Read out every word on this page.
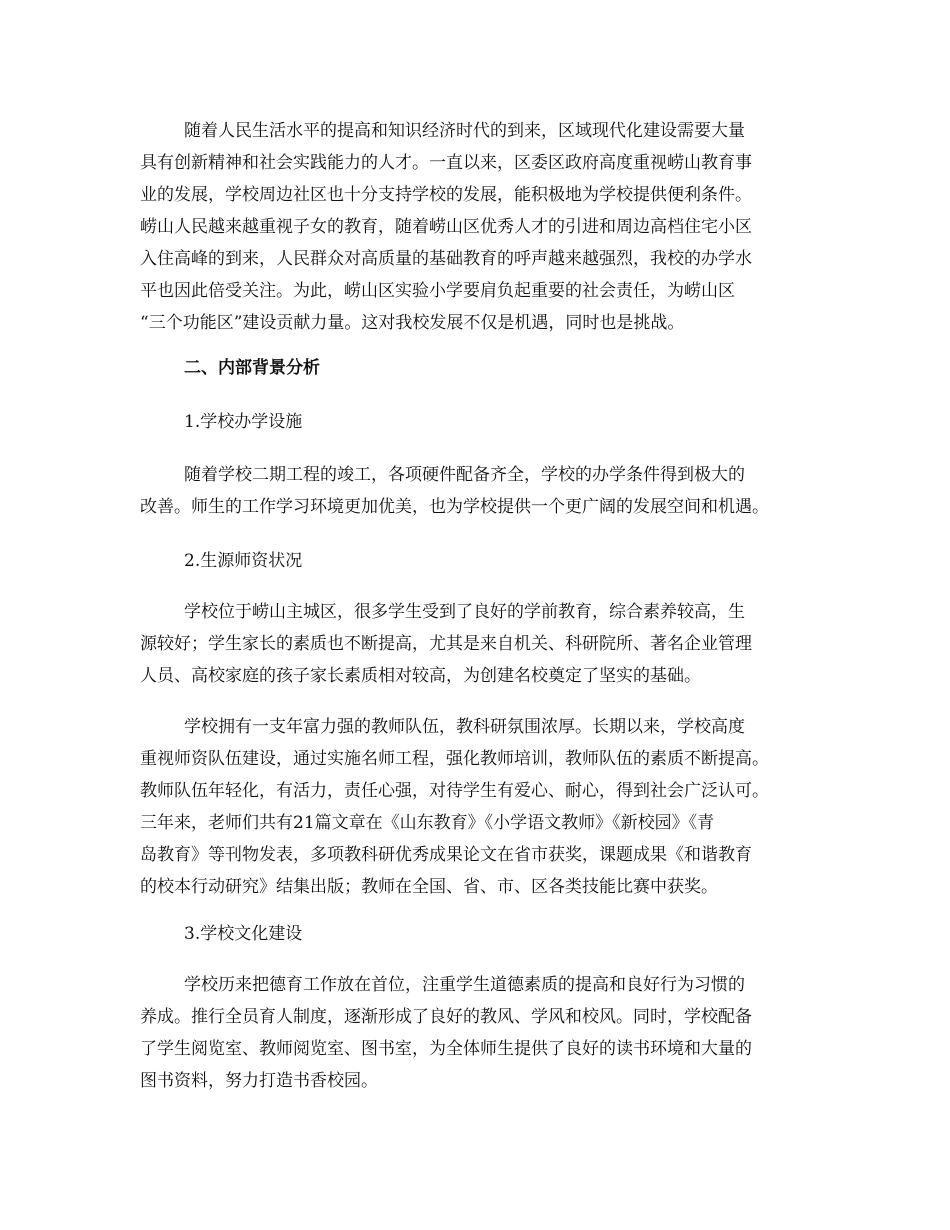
随着人民生活水平的提高和知识经济时代的到来，区域现代化建设需要大量
具有创新精神和社会实践能力的人才。一直以来，区委区政府高度重视崂山教育事
业的发展，学校周边社区也十分支持学校的发展，能积极地为学校提供便利条件。
崂山人民越来越重视子女的教育，随着崂山区优秀人才的引进和周边高档住宅小区
入住高峰的到来，人民群众对高质量的基础教育的呼声越来越强烈，我校的办学水
平也因此倍受关注。为此，崂山区实验小学要肩负起重要的社会责任，为崂山区
“三个功能区”建设贡献力量。这对我校发展不仅是机遇，同时也是挑战。
二、内部背景分析
1.学校办学设施
随着学校二期工程的竣工，各项硬件配备齐全，学校的办学条件得到极大的
改善。师生的工作学习环境更加优美，也为学校提供一个更广阔的发展空间和机遇。
2.生源师资状况
学校位于崂山主城区，很多学生受到了良好的学前教育，综合素养较高，生
源较好；学生家长的素质也不断提高，尤其是来自机关、科研院所、著名企业管理
人员、高校家庭的孩子家长素质相对较高，为创建名校奠定了坚实的基础。
学校拥有一支年富力强的教师队伍，教科研氛围浓厚。长期以来，学校高度
重视师资队伍建设，通过实施名师工程，强化教师培训，教师队伍的素质不断提高。
教师队伍年轻化，有活力，责任心强，对待学生有爱心、耐心，得到社会广泛认可。
三年来，老师们共有21篇文章在《山东教育》《小学语文教师》《新校园》《青
岛教育》等刊物发表，多项教科研优秀成果论文在省市获奖，课题成果《和谐教育
的校本行动研究》结集出版；教师在全国、省、市、区各类技能比赛中获奖。
3.学校文化建设
学校历来把德育工作放在首位，注重学生道德素质的提高和良好行为习惯的
养成。推行全员育人制度，逐渐形成了良好的教风、学风和校风。同时，学校配备
了学生阅览室、教师阅览室、图书室，为全体师生提供了良好的读书环境和大量的
图书资料，努力打造书香校园。
